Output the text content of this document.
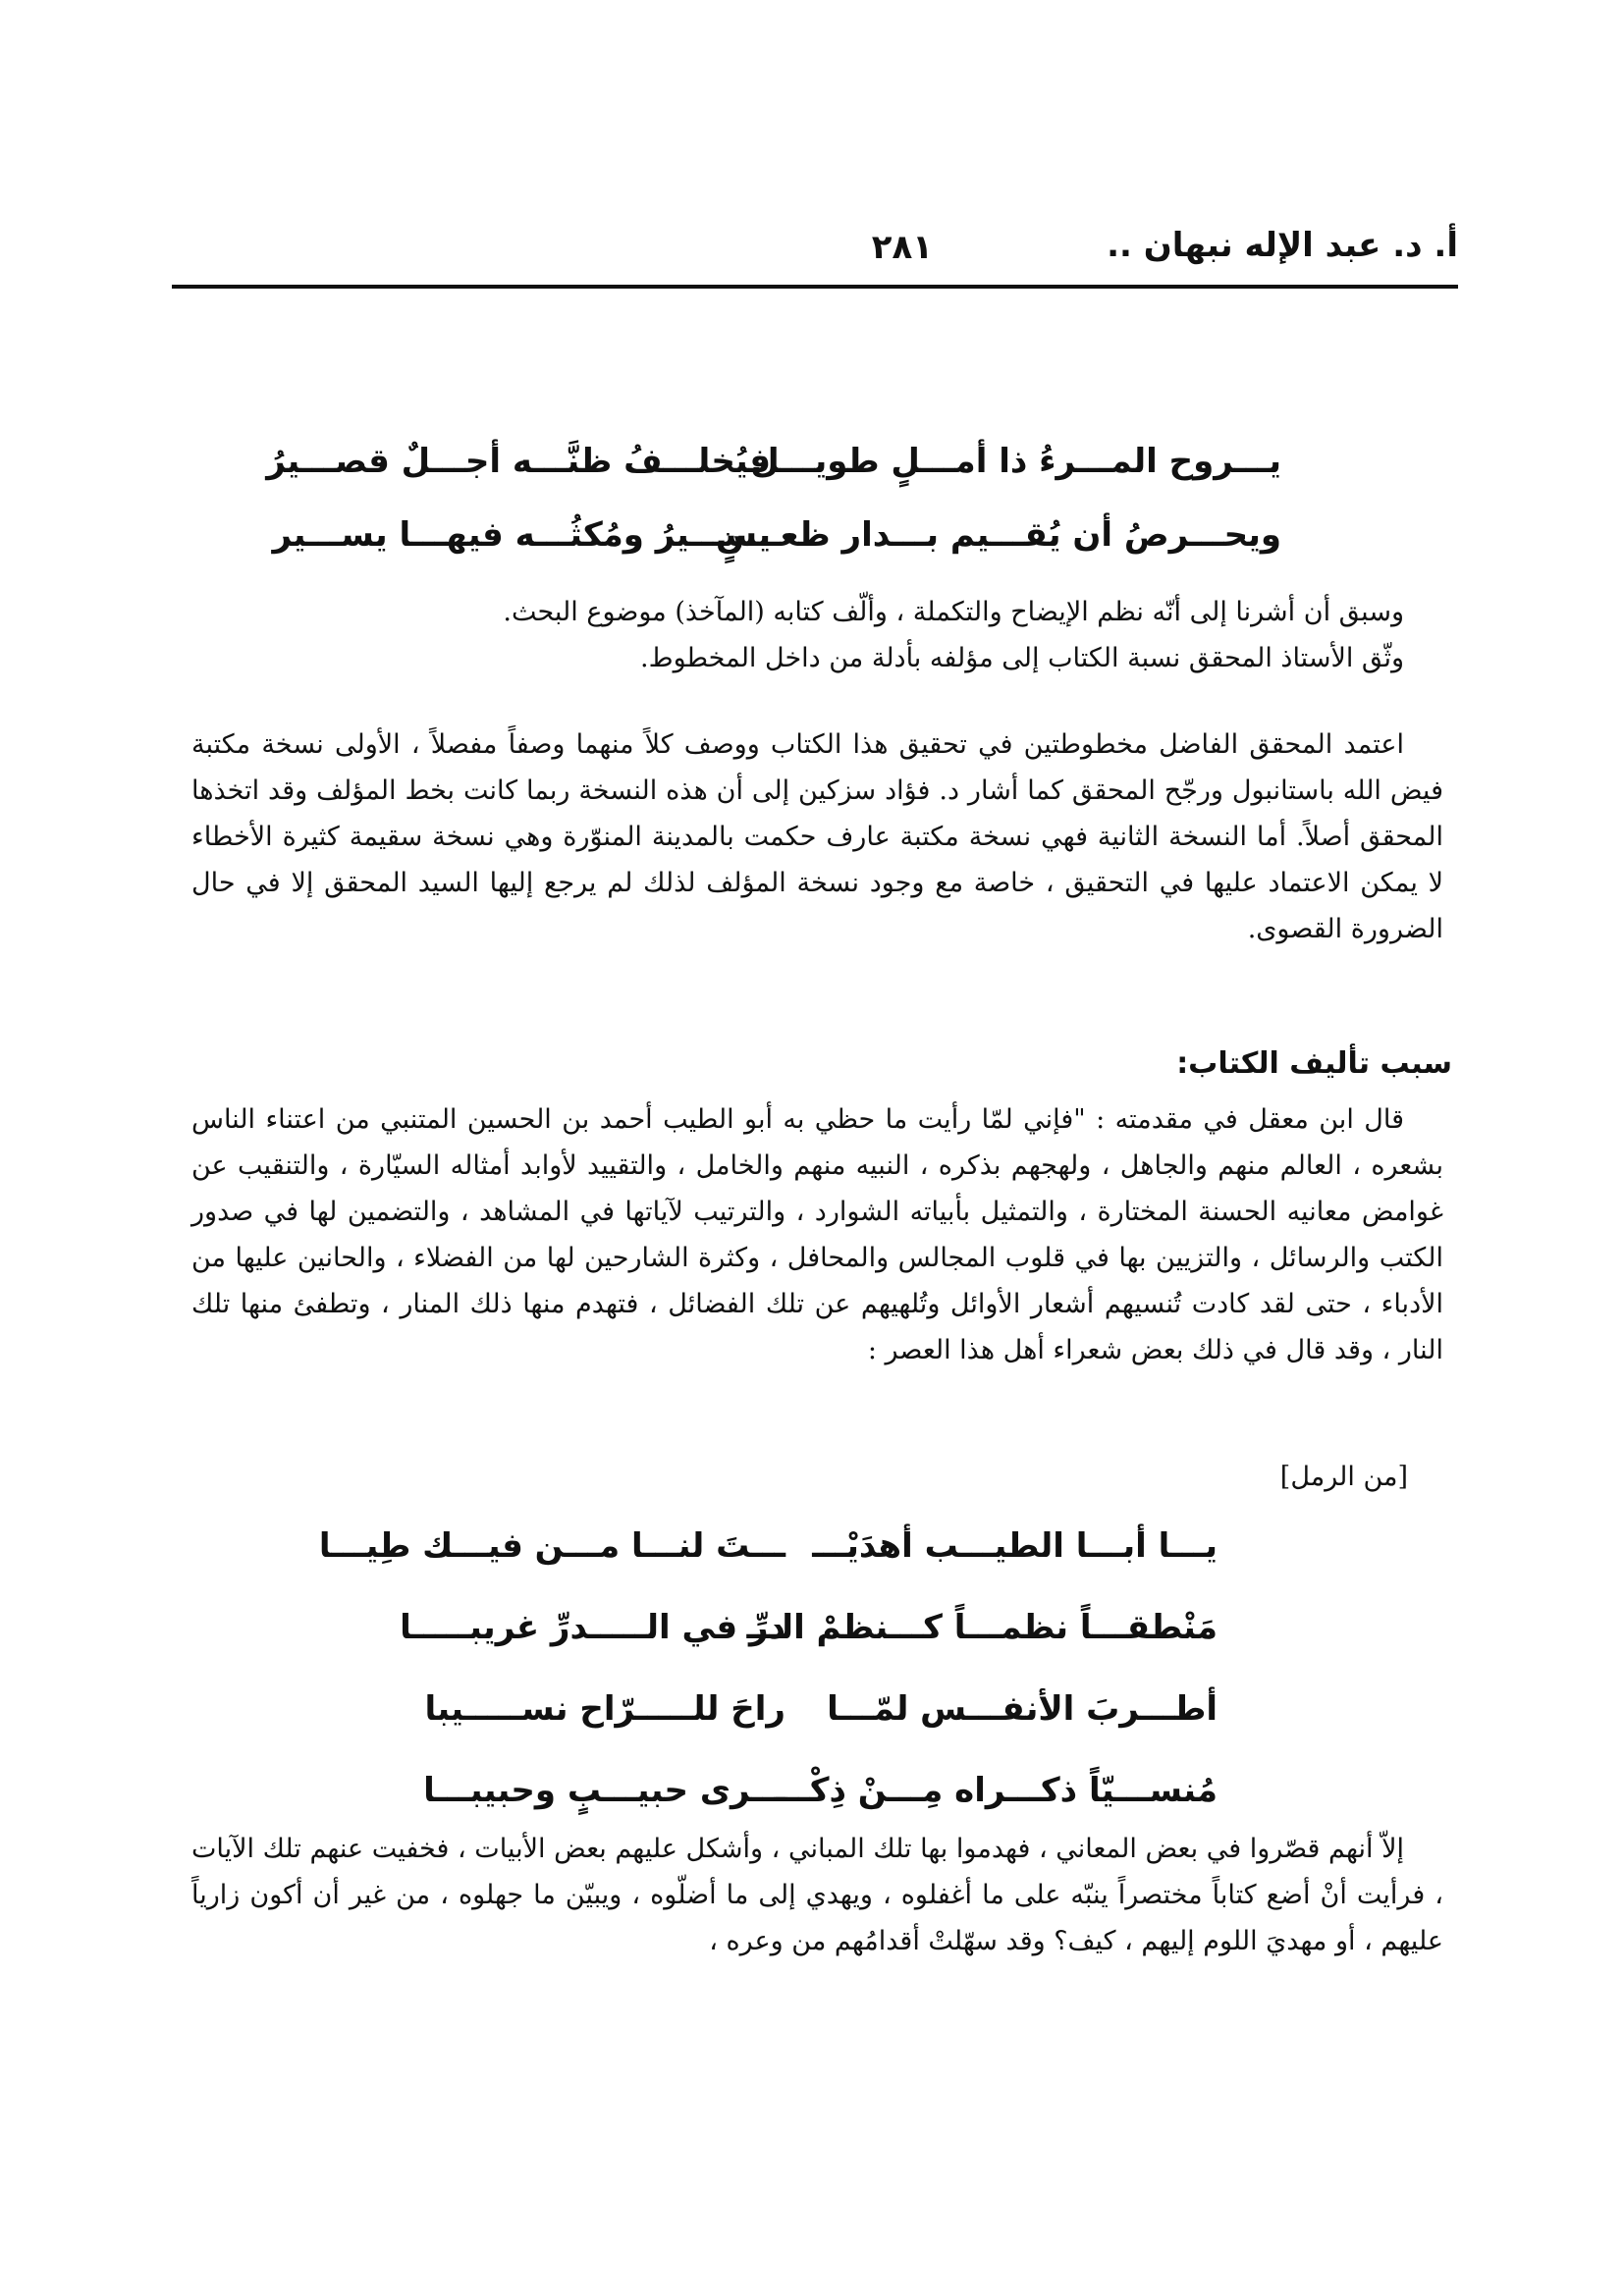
أ. د. عبد الإله نبهان ..
٢٨١
يـــروح المـــرءُ ذا أمـــلٍ طويـــل
فيُخلـــفُ ظنَّـــه أجـــلٌ قصـــيرُ
ويحـــرصُ أن يُقـــيم بـــدار ظعـــنٍ
يســـيرُ ومُكثُـــه فيهـــا يســـير

وسبق أن أشرنا إلى أنّه نظم الإيضاح والتكملة ، وألّف كتابه (المآخذ) موضوع البحث.

وثّق الأستاذ المحقق نسبة الكتاب إلى مؤلفه بأدلة من داخل المخطوط.

اعتمد المحقق الفاضل مخطوطتين في تحقيق هذا الكتاب ووصف كلاً منهما وصفاً مفصلاً ، الأولى نسخة مكتبة فيض الله باستانبول ورجّح المحقق كما أشار د. فؤاد سزكين إلى أن هذه النسخة ربما كانت بخط المؤلف وقد اتخذها المحقق أصلاً. أما النسخة الثانية فهي نسخة مكتبة عارف حكمت بالمدينة المنوّرة وهي نسخة سقيمة كثيرة الأخطاء لا يمكن الاعتماد عليها في التحقيق ، خاصة مع وجود نسخة المؤلف لذلك لم يرجع إليها السيد المحقق إلا في حال الضرورة القصوى.

سبب تأليف الكتاب:

قال ابن معقل في مقدمته : "فإني لمّا رأيت ما حظي به أبو الطيب أحمد بن الحسين المتنبي من اعتناء الناس بشعره ، العالم منهم والجاهل ، ولهجهم بذكره ، النبيه منهم والخامل ، والتقييد لأوابد أمثاله السيّارة ، والتنقيب عن غوامض معانيه الحسنة المختارة ، والتمثيل بأبياته الشوارد ، والترتيب لآياتها في المشاهد ، والتضمين لها في صدور الكتب والرسائل ، والتزيين بها في قلوب المجالس والمحافل ، وكثرة الشارحين لها من الفضلاء ، والحانين عليها من الأدباء ، حتى لقد كادت تُنسيهم أشعار الأوائل وتُلهيهم عن تلك الفضائل ، فتهدم منها ذلك المنار ، وتطفئ منها تلك النار ، وقد قال في ذلك بعض شعراء أهل هذا العصر :

[من الرمل]
يـــا أبـــا الطيـــب أهدَيْـــ
ـــتَ لنـــا مـــن فيـــك طِيـــا
مَنْطقـــاً نظمـــاً كـــنظمْ الـــ
درِّ في الـــــدرِّ غريبـــــا
أطـــربَ الأنفـــس لمّـــا
راحَ للـــــرّاح نســـــيبا
مُنســـيّاً ذكـــراه مِـــنْ ذِكْـــ
ـــرى حبيـــبٍ وحبيبـــا

إلاّ أنهم قصّروا في بعض المعاني ، فهدموا بها تلك المباني ، وأشكل عليهم بعض الأبيات ، فخفيت عنهم تلك الآيات ، فرأيت أنْ أضع كتاباً مختصراً ينبّه على ما أغفلوه ، ويهدي إلى ما أضلّوه ، ويبيّن ما جهلوه ، من غير أن أكون زارياً عليهم ، أو مهديَ اللوم إليهم ، كيف؟ وقد سهّلتْ أقدامُهم من وعره ،
